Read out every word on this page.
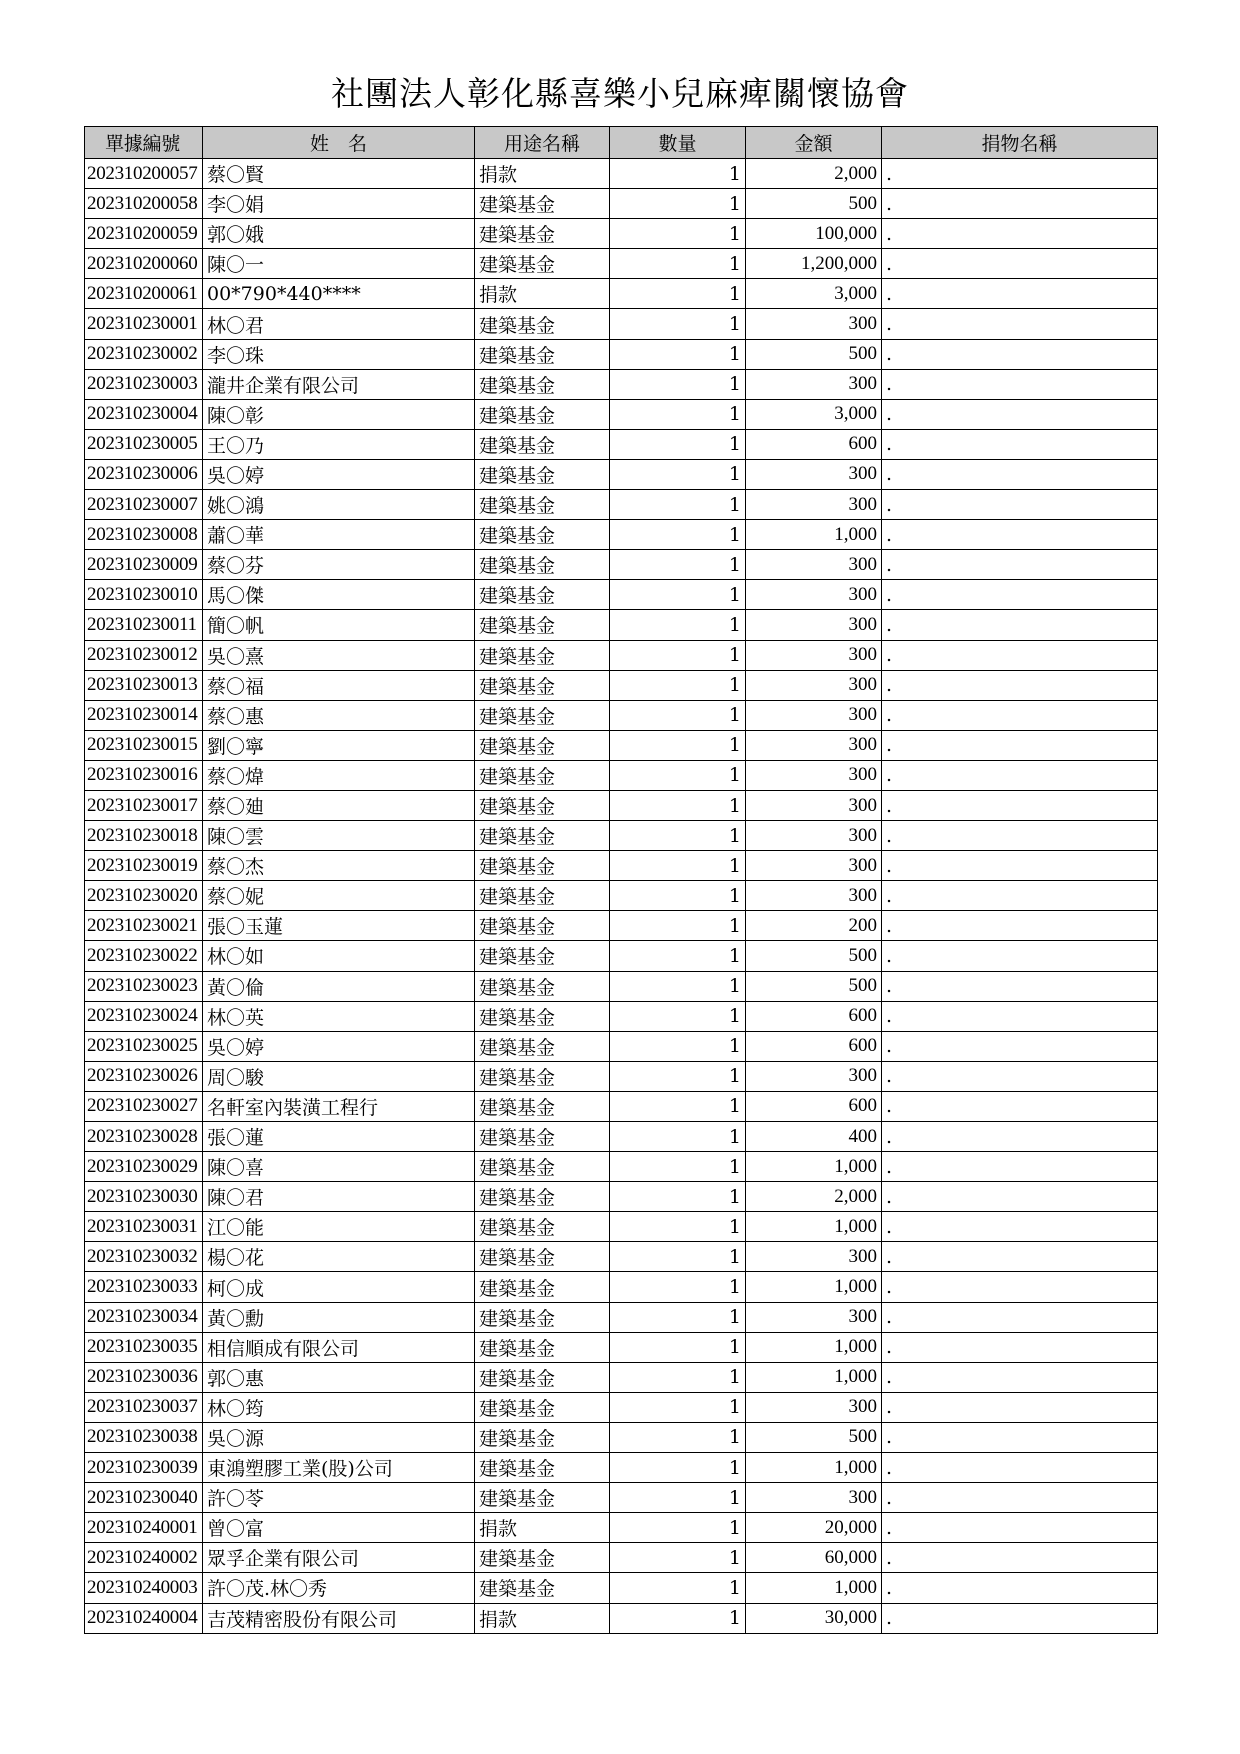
社團法人彰化縣喜樂小兒麻痺關懷協會
單據編號	姓　名	用途名稱	數量	金額	捐物名稱
202310200057	蔡〇賢	捐款	1	2,000	.
202310200058	李〇娟	建築基金	1	500	.
202310200059	郭〇娥	建築基金	1	100,000	.
202310200060	陳〇一	建築基金	1	1,200,000	.
202310200061	00*790*440****	捐款	1	3,000	.
202310230001	林〇君	建築基金	1	300	.
202310230002	李〇珠	建築基金	1	500	.
202310230003	瀧井企業有限公司	建築基金	1	300	.
202310230004	陳〇彰	建築基金	1	3,000	.
202310230005	王〇乃	建築基金	1	600	.
202310230006	吳〇婷	建築基金	1	300	.
202310230007	姚〇鴻	建築基金	1	300	.
202310230008	蕭〇華	建築基金	1	1,000	.
202310230009	蔡〇芬	建築基金	1	300	.
202310230010	馬〇傑	建築基金	1	300	.
202310230011	簡〇帆	建築基金	1	300	.
202310230012	吳〇熹	建築基金	1	300	.
202310230013	蔡〇福	建築基金	1	300	.
202310230014	蔡〇惠	建築基金	1	300	.
202310230015	劉〇寧	建築基金	1	300	.
202310230016	蔡〇煒	建築基金	1	300	.
202310230017	蔡〇廸	建築基金	1	300	.
202310230018	陳〇雲	建築基金	1	300	.
202310230019	蔡〇杰	建築基金	1	300	.
202310230020	蔡〇妮	建築基金	1	300	.
202310230021	張〇玉蓮	建築基金	1	200	.
202310230022	林〇如	建築基金	1	500	.
202310230023	黃〇倫	建築基金	1	500	.
202310230024	林〇英	建築基金	1	600	.
202310230025	吳〇婷	建築基金	1	600	.
202310230026	周〇駿	建築基金	1	300	.
202310230027	名軒室內裝潢工程行	建築基金	1	600	.
202310230028	張〇蓮	建築基金	1	400	.
202310230029	陳〇喜	建築基金	1	1,000	.
202310230030	陳〇君	建築基金	1	2,000	.
202310230031	江〇能	建築基金	1	1,000	.
202310230032	楊〇花	建築基金	1	300	.
202310230033	柯〇成	建築基金	1	1,000	.
202310230034	黃〇勳	建築基金	1	300	.
202310230035	相信順成有限公司	建築基金	1	1,000	.
202310230036	郭〇惠	建築基金	1	1,000	.
202310230037	林〇筠	建築基金	1	300	.
202310230038	吳〇源	建築基金	1	500	.
202310230039	東鴻塑膠工業(股)公司	建築基金	1	1,000	.
202310230040	許〇苓	建築基金	1	300	.
202310240001	曾〇富	捐款	1	20,000	.
202310240002	眾孚企業有限公司	建築基金	1	60,000	.
202310240003	許〇茂.林〇秀	建築基金	1	1,000	.
202310240004	吉茂精密股份有限公司	捐款	1	30,000	.
